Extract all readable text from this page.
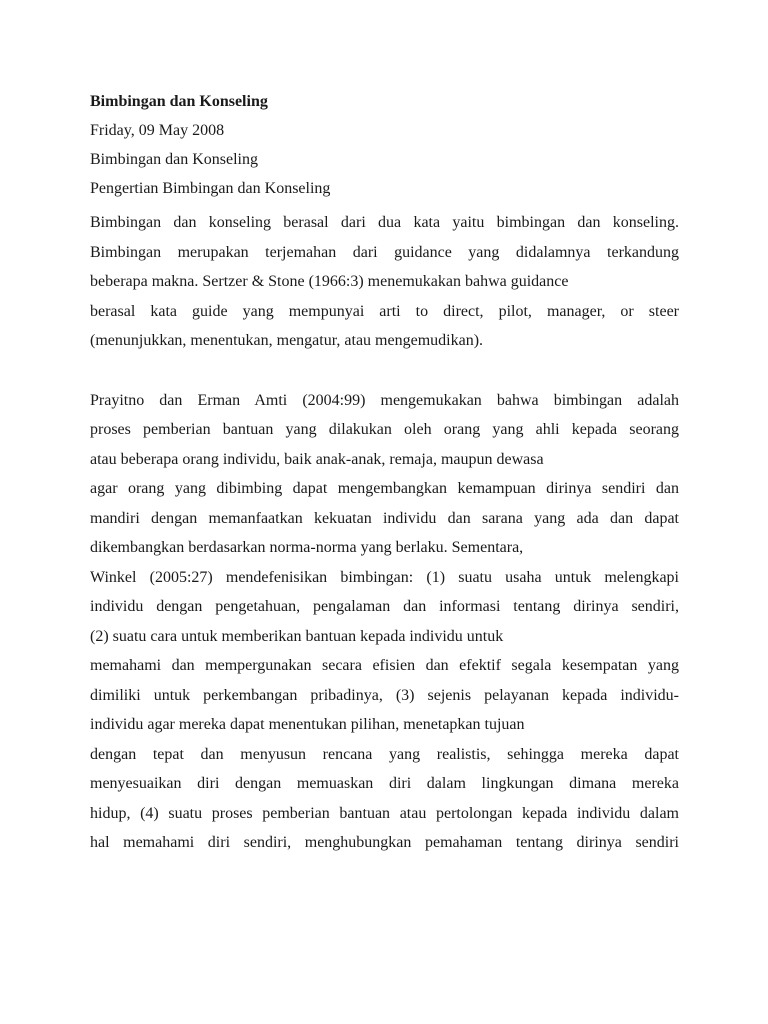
Bimbingan dan Konseling

Friday, 09 May 2008

Bimbingan dan Konseling

Pengertian Bimbingan dan Konseling

Bimbingan dan konseling berasal dari dua kata yaitu bimbingan dan konseling.
Bimbingan merupakan terjemahan dari guidance yang didalamnya terkandung
beberapa makna. Sertzer & Stone (1966:3) menemukakan bahwa guidance
berasal kata guide yang mempunyai arti to direct, pilot, manager, or steer
(menunjukkan, menentukan, mengatur, atau mengemudikan).
Prayitno dan Erman Amti (2004:99) mengemukakan bahwa bimbingan adalah
proses pemberian bantuan yang dilakukan oleh orang yang ahli kepada seorang
atau beberapa orang individu, baik anak-anak, remaja, maupun dewasa
agar orang yang dibimbing dapat mengembangkan kemampuan dirinya sendiri dan
mandiri dengan memanfaatkan kekuatan individu dan sarana yang ada dan dapat
dikembangkan berdasarkan norma-norma yang berlaku. Sementara,
Winkel (2005:27) mendefenisikan bimbingan: (1) suatu usaha untuk melengkapi
individu dengan pengetahuan, pengalaman dan informasi tentang dirinya sendiri,
(2) suatu cara untuk memberikan bantuan kepada individu untuk
memahami dan mempergunakan secara efisien dan efektif segala kesempatan yang
dimiliki untuk perkembangan pribadinya, (3) sejenis pelayanan kepada individu-
individu agar mereka dapat menentukan pilihan, menetapkan tujuan
dengan tepat dan menyusun rencana yang realistis, sehingga mereka dapat
menyesuaikan diri dengan memuaskan diri dalam lingkungan dimana mereka
hidup, (4) suatu proses pemberian bantuan atau pertolongan kepada individu dalam
hal memahami diri sendiri, menghubungkan pemahaman tentang dirinya sendiri
